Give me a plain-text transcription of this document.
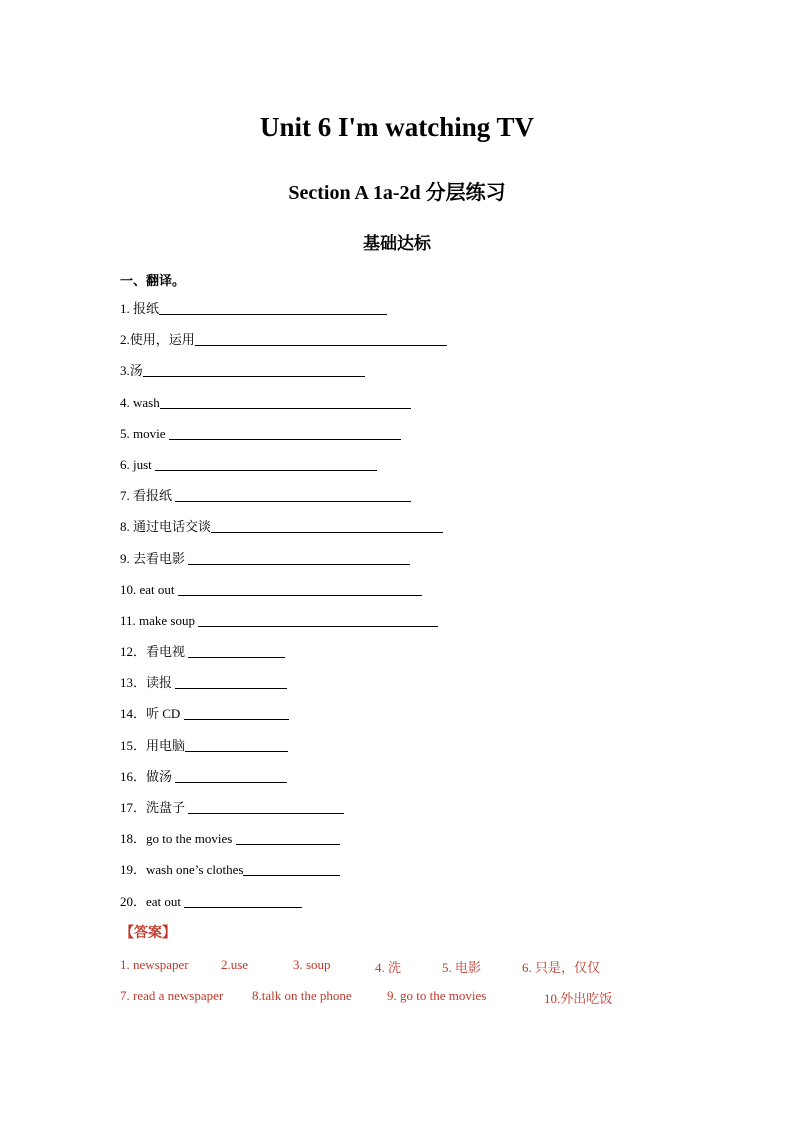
Unit 6 I'm watching TV
Section A 1a-2d 分层练习
基础达标
一、翻译。
1. 报纸
2.使用，运用
3.汤
4. wash
5. movie
6. just
7. 看报纸
8. 通过电话交谈
9. 去看电影
10. eat out
11. make soup
12．看电视
13．读报
14．听 CD
15．用电脑
16．做汤
17．洗盘子
18．go to the movies
19．wash one’s clothes
20．eat out
【答案】
1. newspaper 2.use	3. soup	4. 洗	5. 电影	6. 只是，仅仅
7. read a newspaper 8.talk on the phone	9. go to the movies	10.外出吃饭
